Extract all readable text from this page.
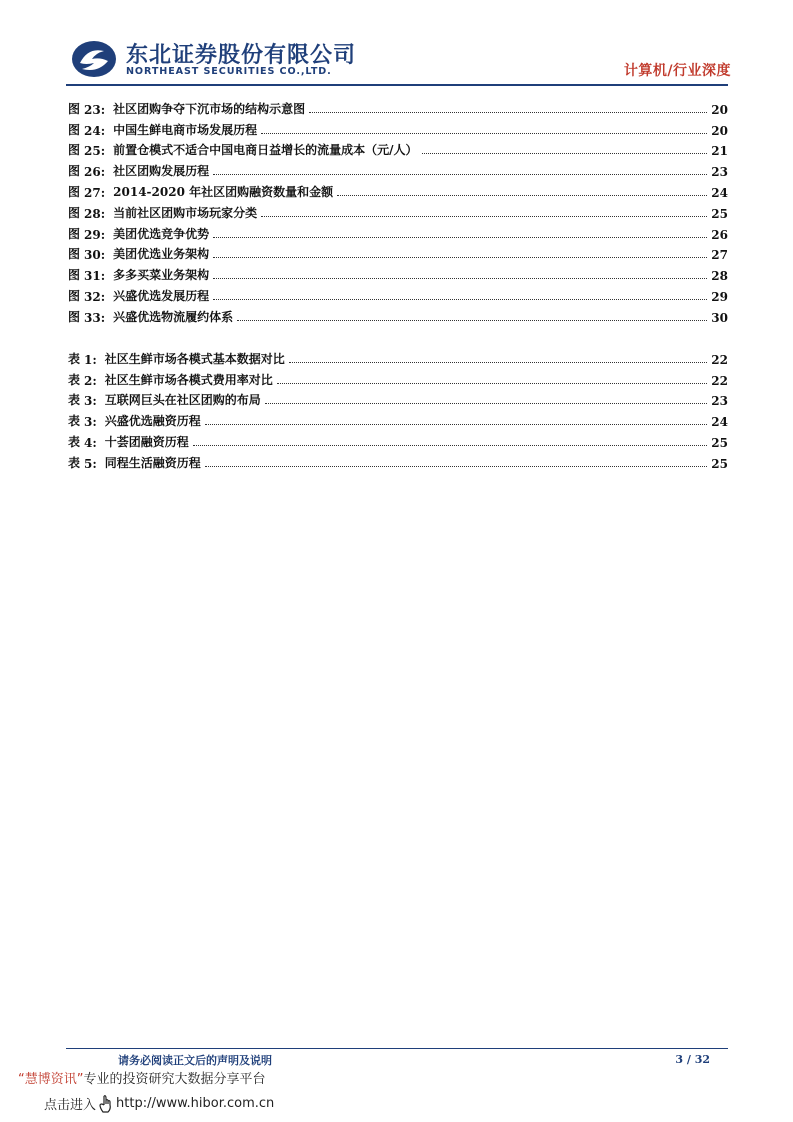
东北证券股份有限公司
NORTHEAST SECURITIES CO.,LTD.	计算机/行业深度
图 23: 社区团购争夺下沉市场的结构示意图	20
图 24: 中国生鲜电商市场发展历程	20
图 25: 前置仓模式不适合中国电商日益增长的流量成本（元/人）	21
图 26: 社区团购发展历程	23
图 27: 2014-2020 年社区团购融资数量和金额	24
图 28: 当前社区团购市场玩家分类	25
图 29: 美团优选竞争优势	26
图 30: 美团优选业务架构	27
图 31: 多多买菜业务架构	28
图 32: 兴盛优选发展历程	29
图 33: 兴盛优选物流履约体系	30
表 1: 社区生鲜市场各模式基本数据对比	22
表 2: 社区生鲜市场各模式费用率对比	22
表 3: 互联网巨头在社区团购的布局	23
表 3: 兴盛优选融资历程	24
表 4: 十荟团融资历程	25
表 5: 同程生活融资历程	25
请务必阅读正文后的声明及说明	3 / 32
“慧博资讯”专业的投资研究大数据分享平台
点击进入 http://www.hibor.com.cn
